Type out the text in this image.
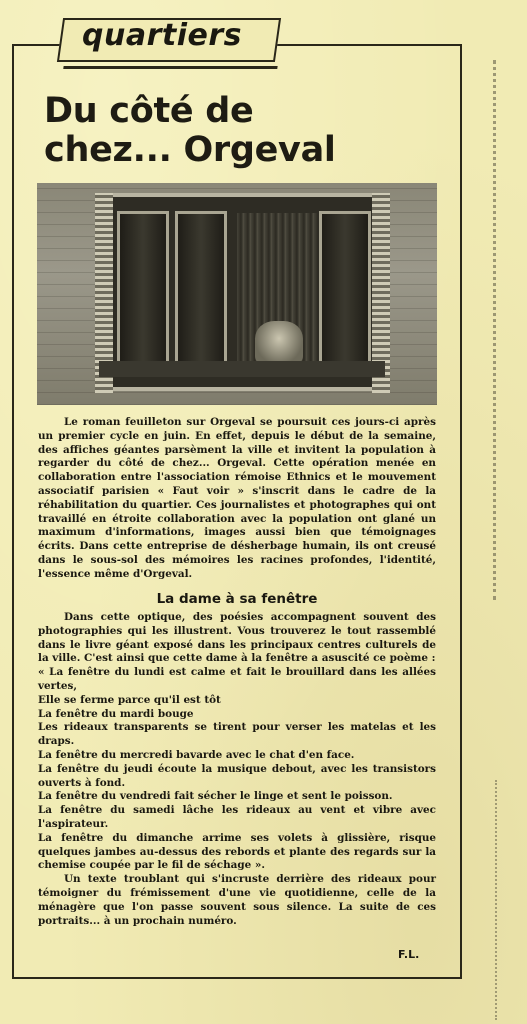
quartiers
Du côté de
chez... Orgeval

Le roman feuilleton sur Orgeval se poursuit ces jours-ci après un premier cycle en juin. En effet, depuis le début de la semaine, des affiches géantes parsèment la ville et invitent la population à regarder du côté de chez... Orgeval. Cette opération menée en collaboration entre l'association rémoise Ethnics et le mouvement associatif parisien « Faut voir » s'inscrit dans le cadre de la réhabilitation du quartier. Ces journalistes et photographes qui ont travaillé en étroite collaboration avec la population ont glané un maximum d'informations, images aussi bien que témoignages écrits. Dans cette entreprise de désherbage humain, ils ont creusé dans le sous-sol des mémoires les racines profondes, l'identité, l'essence même d'Orgeval.

La dame à sa fenêtre

Dans cette optique, des poésies accompagnent souvent des photographies qui les illustrent. Vous trouverez le tout rassemblé dans le livre géant exposé dans les principaux centres culturels de la ville. C'est ainsi que cette dame à la fenêtre a asuscité ce poème :

« La fenêtre du lundi est calme et fait le brouillard dans les allées vertes,

Elle se ferme parce qu'il est tôt

La fenêtre du mardi bouge

Les rideaux transparents se tirent pour verser les matelas et les draps.

La fenêtre du mercredi bavarde avec le chat d'en face.

La fenêtre du jeudi écoute la musique debout, avec les transistors ouverts à fond.

La fenêtre du vendredi fait sécher le linge et sent le poisson.

La fenêtre du samedi lâche les rideaux au vent et vibre avec l'aspirateur.

La fenêtre du dimanche arrime ses volets à glissière, risque quelques jambes au-dessus des rebords et plante des regards sur la chemise coupée par le fil de séchage ».

Un texte troublant qui s'incruste derrière des rideaux pour témoigner du frémissement d'une vie quotidienne, celle de la ménagère que l'on passe souvent sous silence. La suite de ces portraits... à un prochain numéro.

F.L.
